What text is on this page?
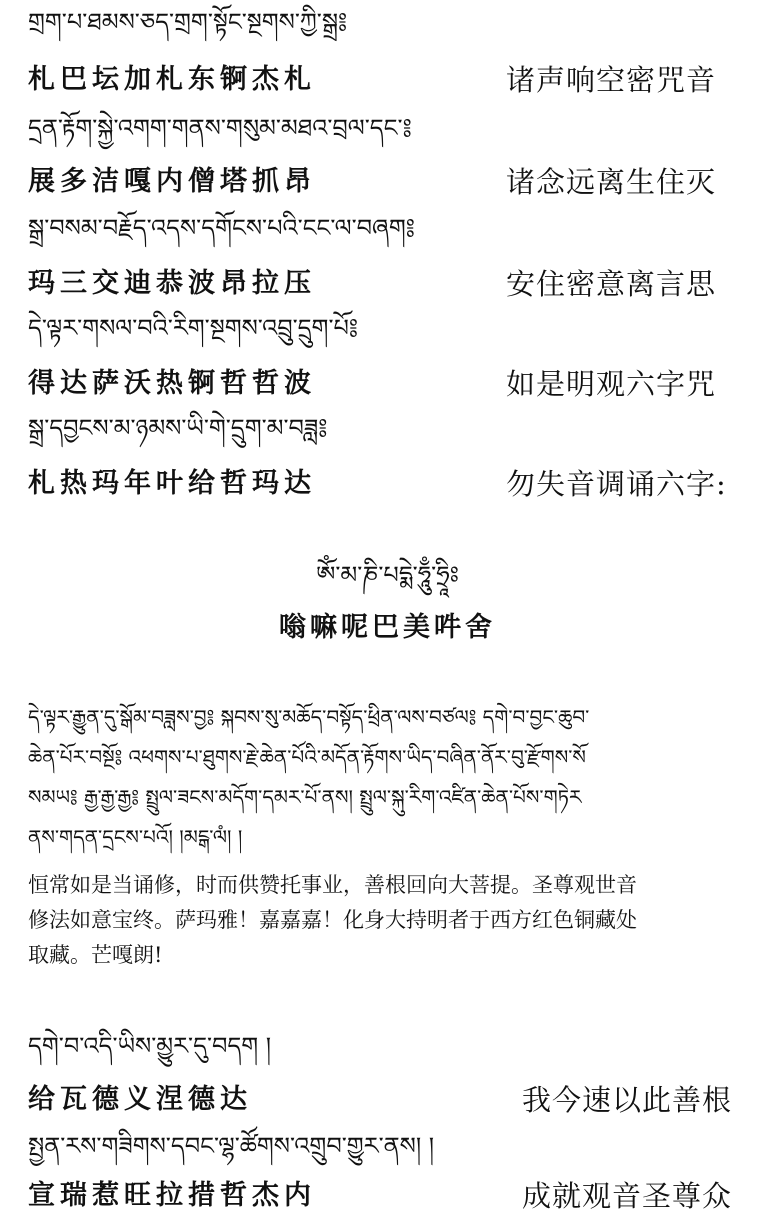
གྲག་པ་ཐམས་ཅད་གྲག་སྟོང་སྔགས་ཀྱི་སྒྲ༔
札巴坛加札东锕杰札	诸声响空密咒音
དྲན་རྟོག་སྐྱེ་འགག་གནས་གསུམ་མཐའ་བྲལ་དང་༔
展多洁嘎内僧塔抓昂	诸念远离生住灭
སྒྲ་བསམ་བརྗོད་འདས་དགོངས་པའི་ངང་ལ་བཞག༔
玛三交迪恭波昂拉压	安住密意离言思
དེ་ལྟར་གསལ་བའི་རིག་སྔགས་འབྲུ་དྲུག་པོ༔
得达萨沃热锕哲哲波	如是明观六字咒
སྒྲ་དབྱངས་མ་ཉམས་ཡི་གེ་དྲུག་མ་བཟླ༔
札热玛年叶给哲玛达	勿失音调诵六字:
ཨོཾ་མ་ཎི་པདྨེ་ཧཱུྃ་ཧྲཱིཿ
嗡嘛呢巴美吽舍
དེ་ལྟར་རྒྱུན་དུ་སྒོམ་བཟླས་བྱ༔ སྐབས་སུ་མཆོད་བསྟོད་ཕྲིན་ལས་བཙལ༔ དགེ་བ་བྱང་ཆུབ་
ཆེན་པོར་བསྔོ༔ འཕགས་པ་ཐུགས་རྗེ་ཆེན་པོའི་མདོན་རྟོགས་ཡིད་བཞིན་ནོར་བུ་རྫོགས་སོ
སམཡ༔ རྒྱ་རྒྱ་རྒྱ༔ སྤྲུལ་ཟངས་མདོག་དམར་པོ་ནས། སྤྲུལ་སྐུ་རིག་འཛིན་ཆེན་པོས་གཏེར
ནས་གདན་དྲངས་པའོ། །མངྒ་ལཾ། །
恒常如是当诵修，时而供赞托事业，善根回向大菩提。圣尊观世音
修法如意宝终。萨玛雅！嘉嘉嘉！化身大持明者于西方红色铜藏处
取藏。芒嘎朗!
དགེ་བ་འདི་ཡིས་མྱུར་དུ་བདག །
给瓦德义涅德达	我今速以此善根
སྤྱན་རས་གཟིགས་དབང་ལྷ་ཚོགས་འགྲུབ་གྱུར་ནས། །
宣瑞惹旺拉措哲杰内	成就观音圣尊众
